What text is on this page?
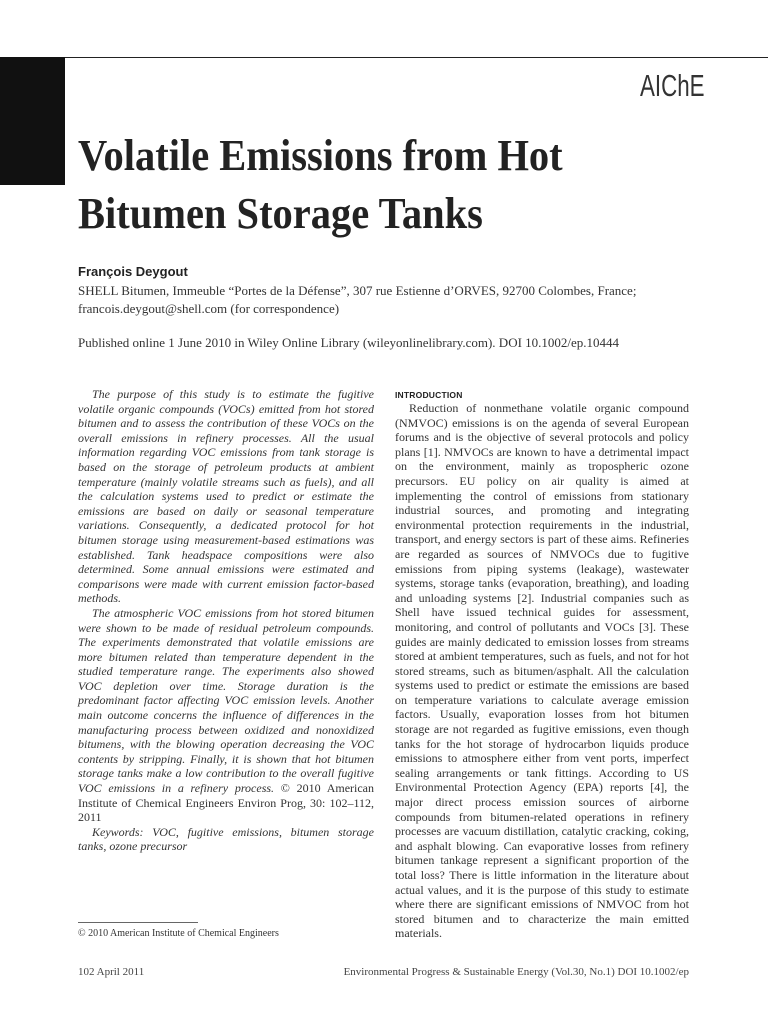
AIChE
Volatile Emissions from Hot Bitumen Storage Tanks
François Deygout
SHELL Bitumen, Immeuble “Portes de la Défense”, 307 rue Estienne d’ORVES, 92700 Colombes, France; francois.deygout@shell.com (for correspondence)
Published online 1 June 2010 in Wiley Online Library (wileyonlinelibrary.com). DOI 10.1002/ep.10444

The purpose of this study is to estimate the fugitive volatile organic compounds (VOCs) emitted from hot stored bitumen and to assess the contribution of these VOCs on the overall emissions in refinery processes. All the usual information regarding VOC emissions from tank storage is based on the storage of petroleum products at ambient temperature (mainly volatile streams such as fuels), and all the calculation systems used to predict or estimate the emissions are based on daily or seasonal temperature variations. Consequently, a dedicated protocol for hot bitumen storage using measurement-based estimations was established. Tank headspace compositions were also determined. Some annual emissions were estimated and comparisons were made with current emission factor-based methods.

The atmospheric VOC emissions from hot stored bitumen were shown to be made of residual petroleum compounds. The experiments demonstrated that volatile emissions are more bitumen related than temperature dependent in the studied temperature range. The experiments also showed VOC depletion over time. Storage duration is the predominant factor affecting VOC emission levels. Another main outcome concerns the influence of differences in the manufacturing process between oxidized and nonoxidized bitumens, with the blowing operation decreasing the VOC contents by stripping. Finally, it is shown that hot bitumen storage tanks make a low contribution to the overall fugitive VOC emissions in a refinery process. © 2010 American Institute of Chemical Engineers Environ Prog, 30: 102–112, 2011

Keywords: VOC, fugitive emissions, bitumen storage tanks, ozone precursor

© 2010 American Institute of Chemical Engineers
INTRODUCTION

Reduction of nonmethane volatile organic compound (NMVOC) emissions is on the agenda of several European forums and is the objective of several protocols and policy plans [1]. NMVOCs are known to have a detrimental impact on the environment, mainly as tropospheric ozone precursors. EU policy on air quality is aimed at implementing the control of emissions from stationary industrial sources, and promoting and integrating environmental protection requirements in the industrial, transport, and energy sectors is part of these aims. Refineries are regarded as sources of NMVOCs due to fugitive emissions from piping systems (leakage), wastewater systems, storage tanks (evaporation, breathing), and loading and unloading systems [2]. Industrial companies such as Shell have issued technical guides for assessment, monitoring, and control of pollutants and VOCs [3]. These guides are mainly dedicated to emission losses from streams stored at ambient temperatures, such as fuels, and not for hot stored streams, such as bitumen/asphalt. All the calculation systems used to predict or estimate the emissions are based on temperature variations to calculate average emission factors. Usually, evaporation losses from hot bitumen storage are not regarded as fugitive emissions, even though tanks for the hot storage of hydrocarbon liquids produce emissions to atmosphere either from vent ports, imperfect sealing arrangements or tank fittings. According to US Environmental Protection Agency (EPA) reports [4], the major direct process emission sources of airborne compounds from bitumen-related operations in refinery processes are vacuum distillation, catalytic cracking, coking, and asphalt blowing. Can evaporative losses from refinery bitumen tankage represent a significant proportion of the total loss? There is little information in the literature about actual values, and it is the purpose of this study to estimate where there are significant emissions of NMVOC from hot stored bitumen and to characterize the main emitted materials.

102 April 2011	Environmental Progress & Sustainable Energy (Vol.30, No.1) DOI 10.1002/ep
